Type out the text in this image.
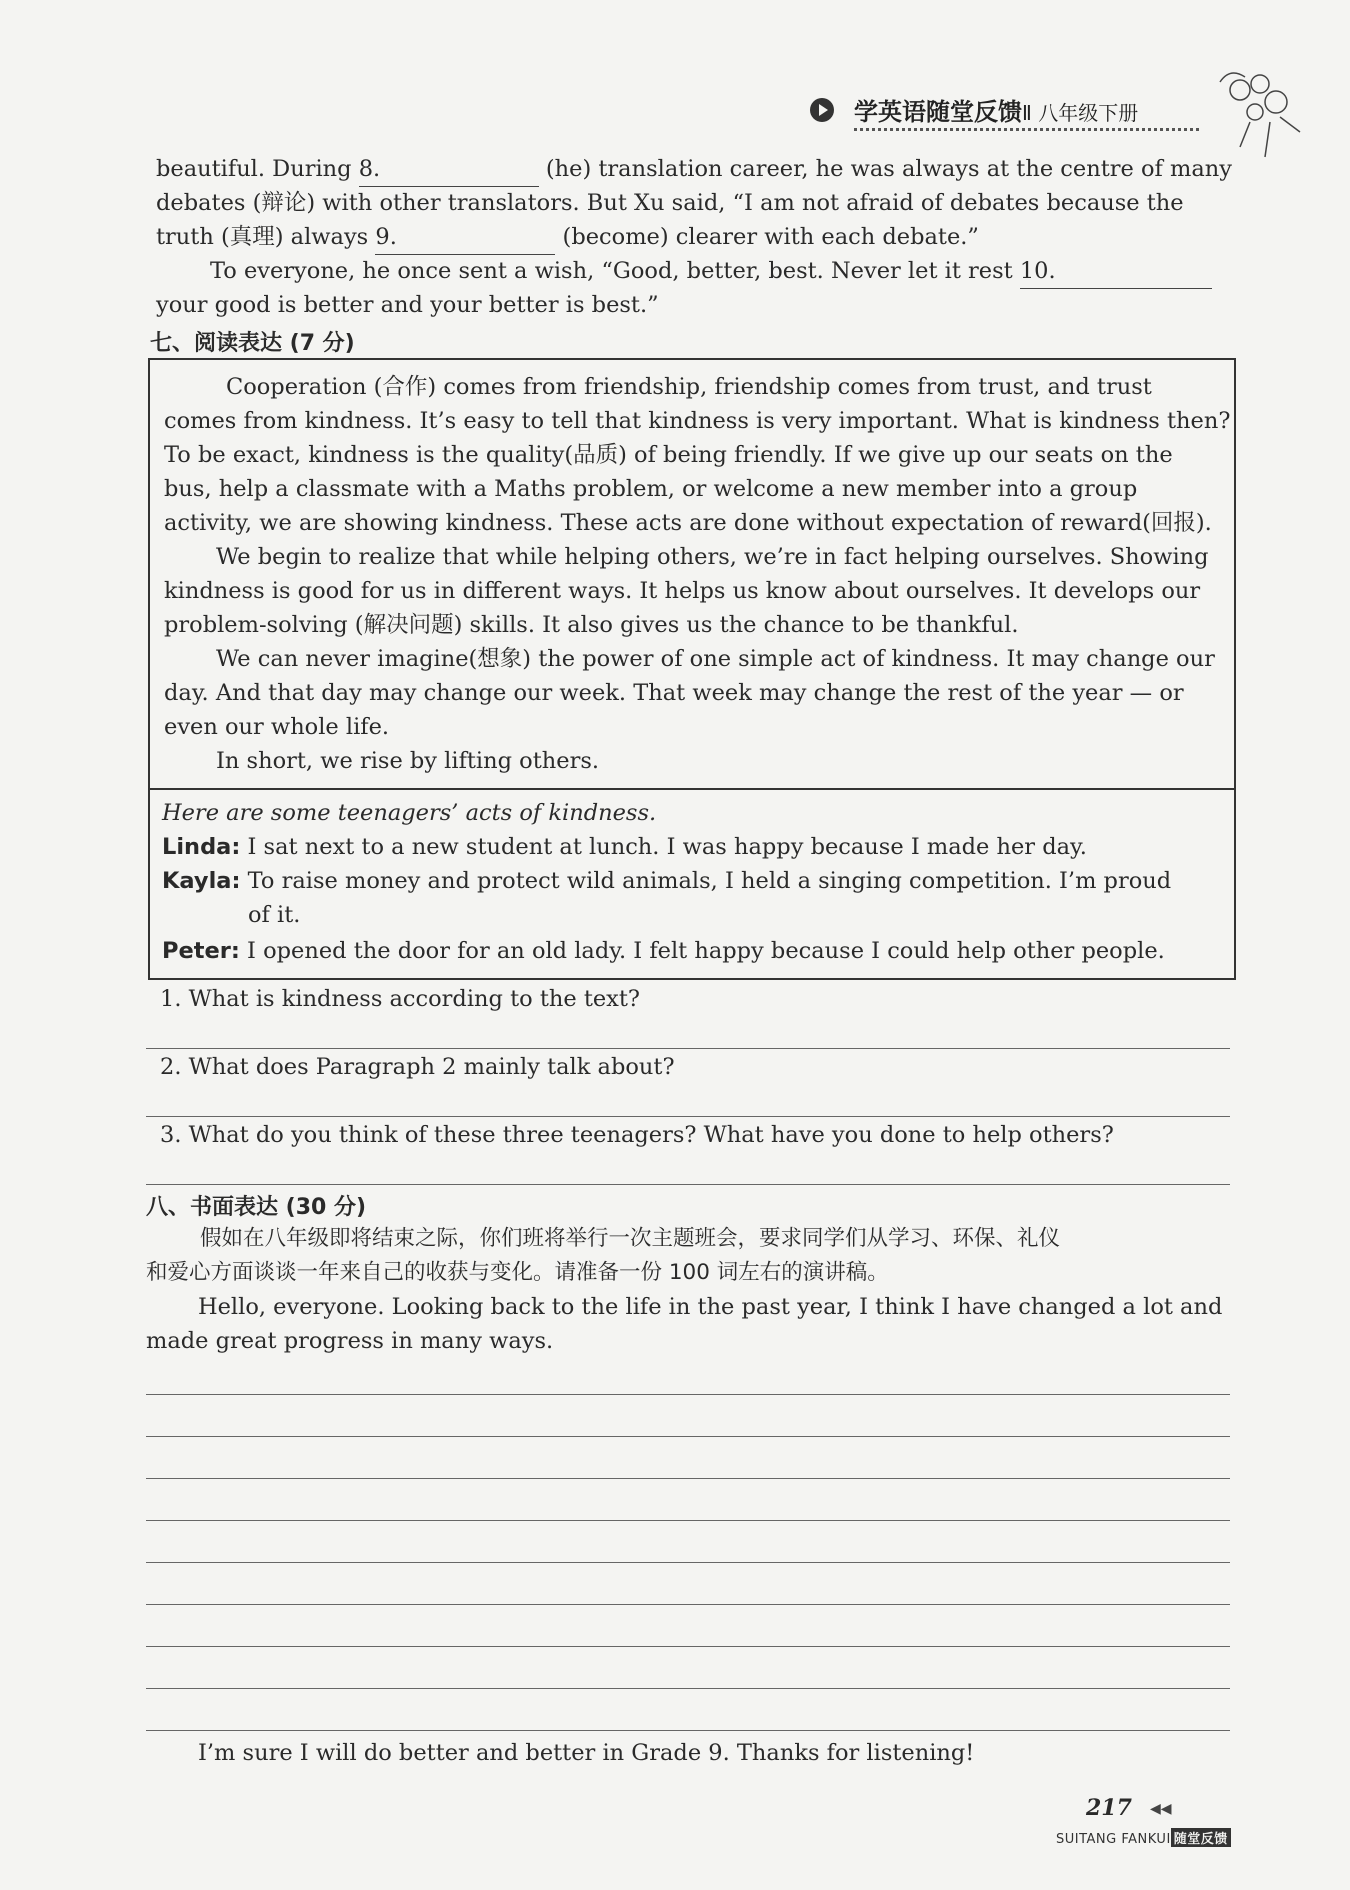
学英语随堂反馈Ⅱ 八年级下册
beautiful. During 8.	(he) translation career, he was always at the centre of many
debates (辩论) with other translators. But Xu said, “I am not afraid of debates because the
truth (真理) always 9.	(become) clearer with each debate.”
To everyone, he once sent a wish, “Good, better, best. Never let it rest 10.
your good is better and your better is best.”
七、阅读表达 (7 分)
Cooperation (合作) comes from friendship, friendship comes from trust, and trust
comes from kindness. It’s easy to tell that kindness is very important. What is kindness then?
To be exact, kindness is the quality(品质) of being friendly. If we give up our seats on the
bus, help a classmate with a Maths problem, or welcome a new member into a group
activity, we are showing kindness. These acts are done without expectation of reward(回报).
We begin to realize that while helping others, we’re in fact helping ourselves. Showing
kindness is good for us in different ways. It helps us know about ourselves. It develops our
problem-solving (解决问题) skills. It also gives us the chance to be thankful.
We can never imagine(想象) the power of one simple act of kindness. It may change our
day. And that day may change our week. That week may change the rest of the year — or
even our whole life.
In short, we rise by lifting others.
Here are some teenagers’ acts of kindness.
Linda: I sat next to a new student at lunch. I was happy because I made her day.
Kayla: To raise money and protect wild animals, I held a singing competition. I’m proud
of it.
Peter: I opened the door for an old lady. I felt happy because I could help other people.
1. What is kindness according to the text?
2. What does Paragraph 2 mainly talk about?
3. What do you think of these three teenagers? What have you done to help others?
八、书面表达 (30 分)
假如在八年级即将结束之际，你们班将举行一次主题班会，要求同学们从学习、环保、礼仪
和爱心方面谈谈一年来自己的收获与变化。请准备一份 100 词左右的演讲稿。
Hello, everyone. Looking back to the life in the past year, I think I have changed a lot and
made great progress in many ways.
I’m sure I will do better and better in Grade 9. Thanks for listening!
217 ◀◀
SUITANG FANKUI 随堂反馈
